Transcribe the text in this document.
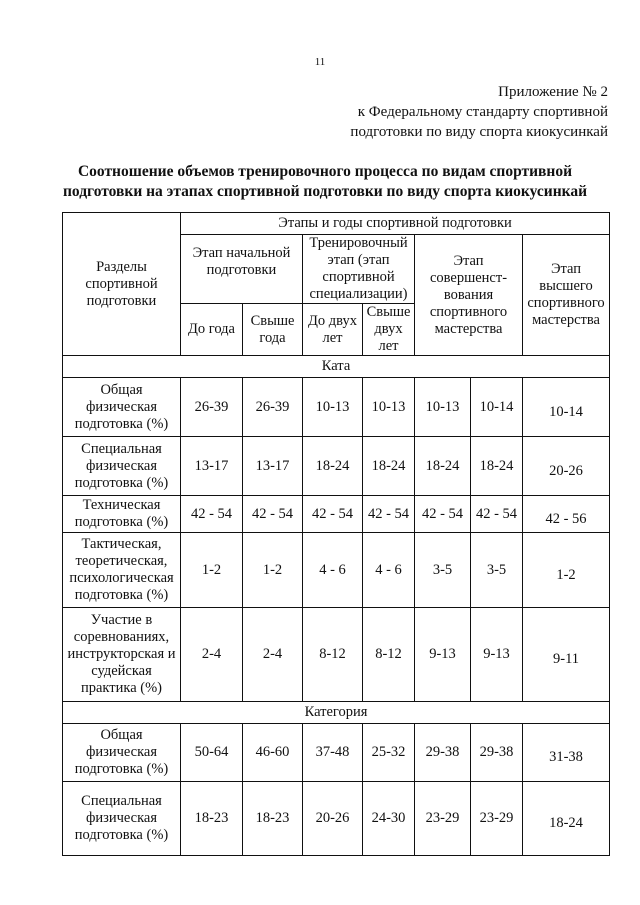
11
Приложение № 2
к Федеральному стандарту спортивной
подготовки по виду спорта киокусинкай
Соотношение объемов тренировочного процесса по видам спортивной
подготовки на этапах спортивной подготовки по виду спорта киокусинкай
Разделы спортивной подготовки	Этапы и годы спортивной подготовки						
	Этап начальной подготовки		Тренировочный этап (этап спортивной специализации)		Этап совершенст-вования спортивного мастерства		Этап высшего спортивного мастерства
	До года	Свыше года	До двух лет	Свыше двух лет			
Ката							
Общая физическая подготовка (%)	26-39	26-39	10-13	10-13	10-13	10-14	10-14
Специальная физическая подготовка (%)	13-17	13-17	18-24	18-24	18-24	18-24	20-26
Техническая подготовка (%)	42 - 54	42 - 54	42 - 54	42 - 54	42 - 54	42 - 54	42 - 56
Тактическая, теоретическая, психологическая подготовка (%)	1-2	1-2	4 - 6	4 - 6	3-5	3-5	1-2
Участие в соревнованиях, инструкторская и судейская практика (%)	2-4	2-4	8-12	8-12	9-13	9-13	9-11
Категория							
Общая физическая подготовка (%)	50-64	46-60	37-48	25-32	29-38	29-38	31-38
Специальная физическая подготовка (%)	18-23	18-23	20-26	24-30	23-29	23-29	18-24
